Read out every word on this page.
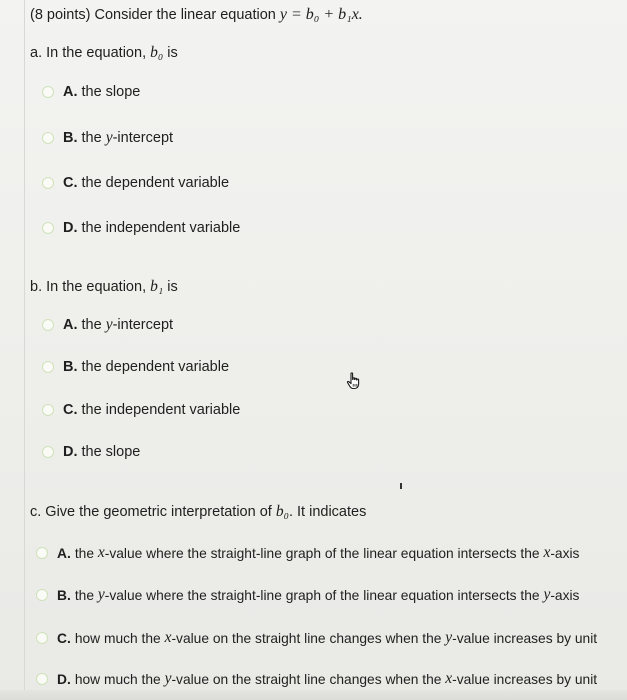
(8 points) Consider the linear equation y = b₀ + b₁x.
a. In the equation, b₀ is
A. the slope
B. the
y -intercept
C. the dependent variable
D. the independent variable
b. In the equation, b₁ is
A. the
y -intercept
B. the dependent variable
C. the independent variable
D. the slope
c. Give the geometric interpretation of b₀. It indicates
A. the
x -value where the straight-line graph of the linear equation intersects the
x -axis
B. the
y -value where the straight-line graph of the linear equation intersects the
y -axis
C. how much the
x -value on the straight line changes when the
y -value increases by unit
D. how much the
y -value on the straight line changes when the
x -value increases by unit
